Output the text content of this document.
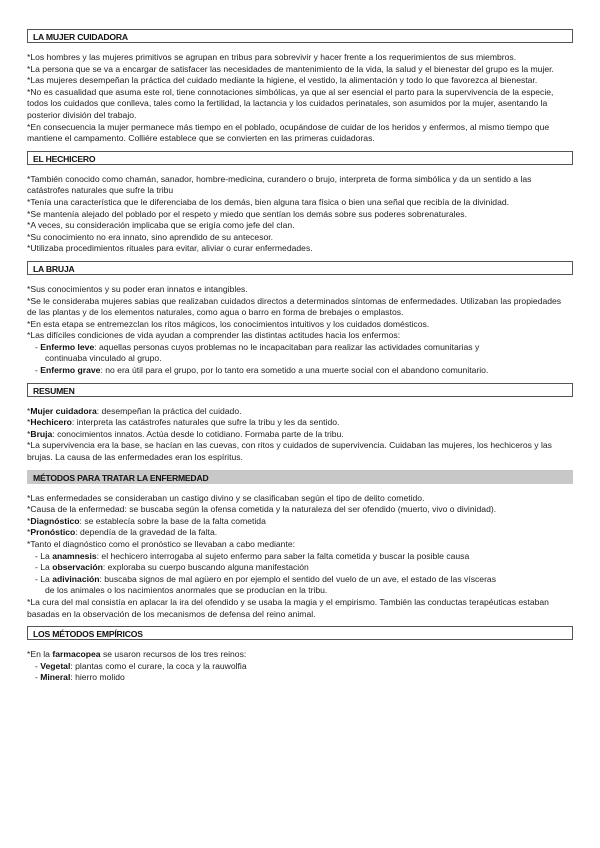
LA MUJER CUIDADORA

*Los hombres y las mujeres primitivos se agrupan en tribus para sobrevivir y hacer frente a los requerimientos de sus miembros.

*La persona que se va a encargar de satisfacer las necesidades de mantenimiento de la vida, la salud y el bienestar del grupo es la mujer.

*Las mujeres desempeñan la práctica del cuidado mediante la higiene, el vestido, la alimentación y todo lo que favorezca al bienestar.

*No es casualidad que asuma este rol, tiene connotaciones simbólicas, ya que al ser esencial el parto para la supervivencia de la especie, todos los cuidados que conlleva, tales como la fertilidad, la lactancia y los cuidados perinatales, son asumidos por la mujer, asentando la posterior división del trabajo.

*En consecuencia la mujer permanece más tiempo en el poblado, ocupándose de cuidar de los heridos y enfermos, al mismo tiempo que mantiene el campamento. Colliére establece que se convierten en las primeras cuidadoras.

EL HECHICERO

*También conocido como chamán, sanador, hombre-medicina, curandero o brujo, interpreta de forma simbólica y da un sentido a las catástrofes naturales que sufre la tribu

*Tenía una característica que le diferenciaba de los demás, bien alguna tara física o bien una señal que recibía de la divinidad.

*Se mantenía alejado del poblado por el respeto y miedo que sentían los demás sobre sus poderes sobrenaturales.

*A veces, su consideración implicaba que se erigía como jefe del clan.

*Su conocimiento no era innato, sino aprendido de su antecesor.

*Utilizaba procedimientos rituales para evitar, aliviar o curar enfermedades.

LA BRUJA

*Sus conocimientos y su poder eran innatos e intangibles.

*Se le consideraba mujeres sabias que realizaban cuidados directos a determinados síntomas de enfermedades. Utilizaban las propiedades de las plantas y de los elementos naturales, como agua o barro en forma de brebajes o emplastos.

*En esta etapa se entremezclan los ritos mágicos, los conocimientos intuitivos y los cuidados domésticos.

*Las difíciles condiciones de vida ayudan a comprender las distintas actitudes hacia los enfermos:

- Enfermo leve: aquellas personas cuyos problemas no le incapacitaban para realizar las actividades comunitarias y
continuaba vinculado al grupo.

- Enfermo grave: no era útil para el grupo, por lo tanto era sometido a una muerte social con el abandono comunitario.

RESUMEN

*Mujer cuidadora: desempeñan la práctica del cuidado.

*Hechicero: interpreta las catástrofes naturales que sufre la tribu y les da sentido.

*Bruja: conocimientos innatos. Actúa desde lo cotidiano. Formaba parte de la tribu.

*La supervivencia era la base, se hacían en las cuevas, con ritos y cuidados de supervivencia. Cuidaban las mujeres, los hechiceros y las brujas. La causa de las enfermedades eran los espíritus.

MÉTODOS PARA TRATAR LA ENFERMEDAD

*Las enfermedades se consideraban un castigo divino y se clasificaban según el tipo de delito cometido.

*Causa de la enfermedad: se buscaba según la ofensa cometida y la naturaleza del ser ofendido (muerto, vivo o divinidad).

*Diagnóstico: se establecía sobre la base de la falta cometida

*Pronóstico: dependía de la gravedad de la falta.

*Tanto el diagnóstico como el pronóstico se llevaban a cabo mediante:

- La anamnesis: el hechicero interrogaba al sujeto enfermo para saber la falta cometida y buscar la posible causa

- La observación: exploraba su cuerpo buscando alguna manifestación

- La adivinación: buscaba signos de mal agüero en por ejemplo el sentido del vuelo de un ave, el estado de las vísceras
de los animales o los nacimientos anormales que se producían en la tribu.

*La cura del mal consistía en aplacar la ira del ofendido y se usaba la magia y el empirismo. También las conductas terapéuticas estaban basadas en la observación de los mecanismos de defensa del reino animal.

LOS MÉTODOS EMPÍRICOS

*En la farmacopea se usaron recursos de los tres reinos:

- Vegetal: plantas como el curare, la coca y la rauwolfia

- Mineral: hierro molido
